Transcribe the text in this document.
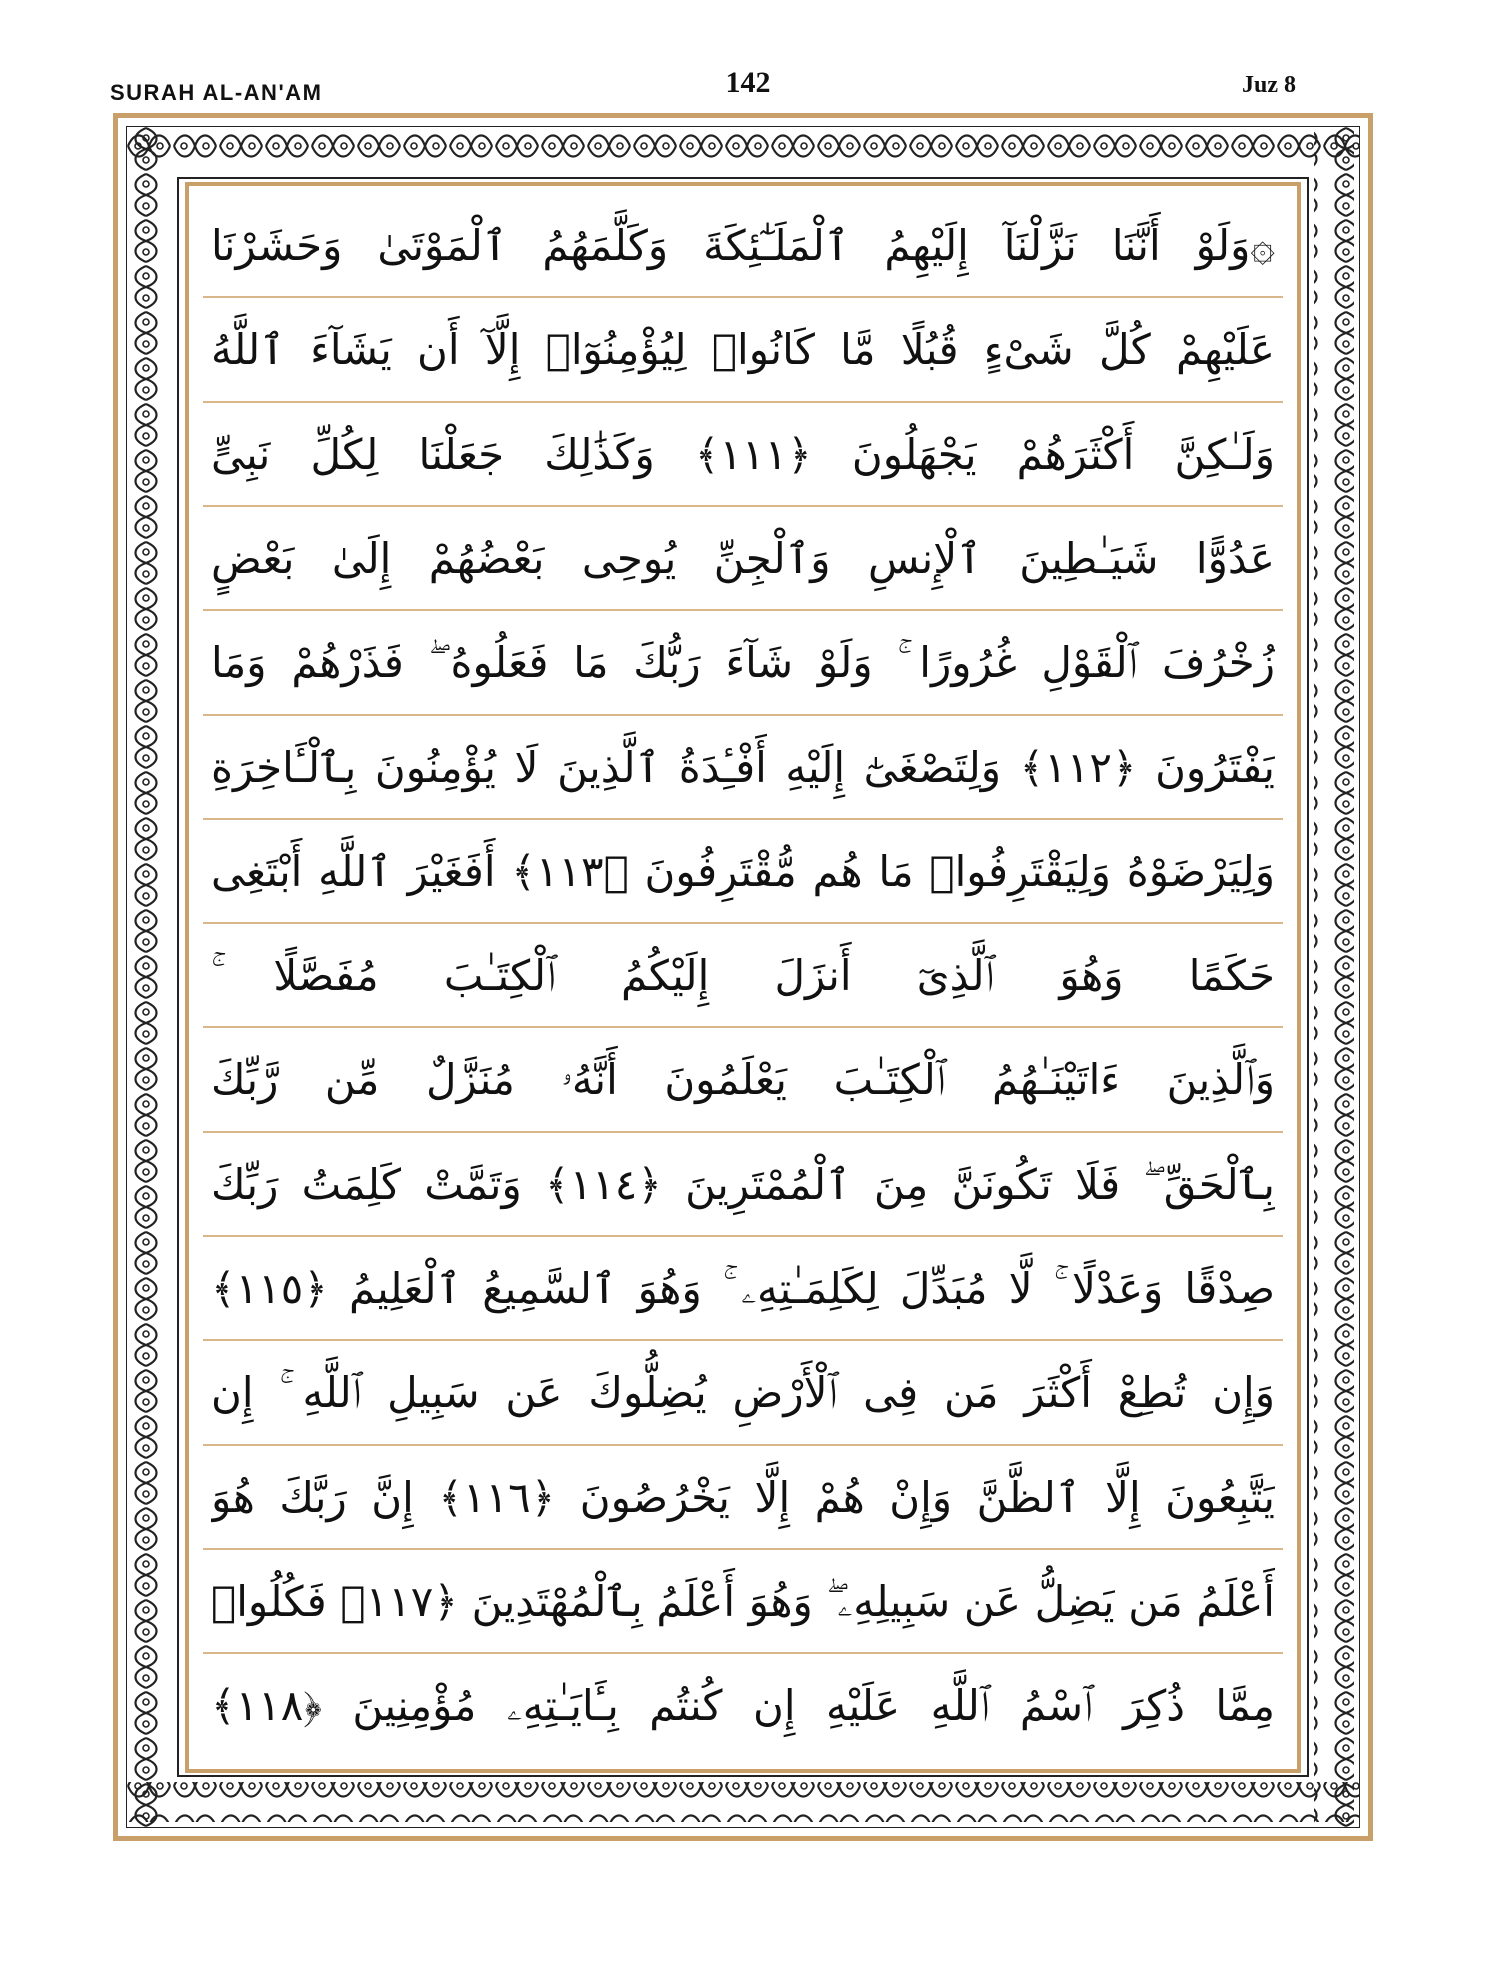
SURAH AL-AN'AM	142	Juz 8
۞وَلَوْ أَنَّنَا نَزَّلْنَآ إِلَيْهِمُ ٱلْمَلَـٰٓئِكَةَ وَكَلَّمَهُمُ ٱلْمَوْتَىٰ وَحَشَرْنَا
عَلَيْهِمْ كُلَّ شَىْءٍ قُبُلًا مَّا كَانُوا۟ لِيُؤْمِنُوٓا۟ إِلَّآ أَن يَشَآءَ ٱللَّهُ
وَلَـٰكِنَّ أَكْثَرَهُمْ يَجْهَلُونَ ﴿١١١﴾ وَكَذَٰلِكَ جَعَلْنَا لِكُلِّ نَبِىٍّ
عَدُوًّا شَيَـٰطِينَ ٱلْإِنسِ وَٱلْجِنِّ يُوحِى بَعْضُهُمْ إِلَىٰ بَعْضٍ
زُخْرُفَ ٱلْقَوْلِ غُرُورًا ۚ وَلَوْ شَآءَ رَبُّكَ مَا فَعَلُوهُ ۖ فَذَرْهُمْ وَمَا
يَفْتَرُونَ ﴿١١٢﴾ وَلِتَصْغَىٰٓ إِلَيْهِ أَفْـِٔدَةُ ٱلَّذِينَ لَا يُؤْمِنُونَ بِٱلْـَٔاخِرَةِ
وَلِيَرْضَوْهُ وَلِيَقْتَرِفُوا۟ مَا هُم مُّقْتَرِفُونَ ﴿١١٣﴾ أَفَغَيْرَ ٱللَّهِ أَبْتَغِى
حَكَمًا وَهُوَ ٱلَّذِىٓ أَنزَلَ إِلَيْكُمُ ٱلْكِتَـٰبَ مُفَصَّلًا ۚ
وَٱلَّذِينَ ءَاتَيْنَـٰهُمُ ٱلْكِتَـٰبَ يَعْلَمُونَ أَنَّهُۥ مُنَزَّلٌ مِّن رَّبِّكَ
بِٱلْحَقِّ ۖ فَلَا تَكُونَنَّ مِنَ ٱلْمُمْتَرِينَ ﴿١١٤﴾ وَتَمَّتْ كَلِمَتُ رَبِّكَ
صِدْقًا وَعَدْلًا ۚ لَّا مُبَدِّلَ لِكَلِمَـٰتِهِۦ ۚ وَهُوَ ٱلسَّمِيعُ ٱلْعَلِيمُ ﴿١١٥﴾
وَإِن تُطِعْ أَكْثَرَ مَن فِى ٱلْأَرْضِ يُضِلُّوكَ عَن سَبِيلِ ٱللَّهِ ۚ إِن
يَتَّبِعُونَ إِلَّا ٱلظَّنَّ وَإِنْ هُمْ إِلَّا يَخْرُصُونَ ﴿١١٦﴾ إِنَّ رَبَّكَ هُوَ
أَعْلَمُ مَن يَضِلُّ عَن سَبِيلِهِۦ ۖ وَهُوَ أَعْلَمُ بِٱلْمُهْتَدِينَ ﴿١١٧﴾ فَكُلُوا۟
مِمَّا ذُكِرَ ٱسْمُ ٱللَّهِ عَلَيْهِ إِن كُنتُم بِـَٔايَـٰتِهِۦ مُؤْمِنِينَ ﴿١١٨﴾
